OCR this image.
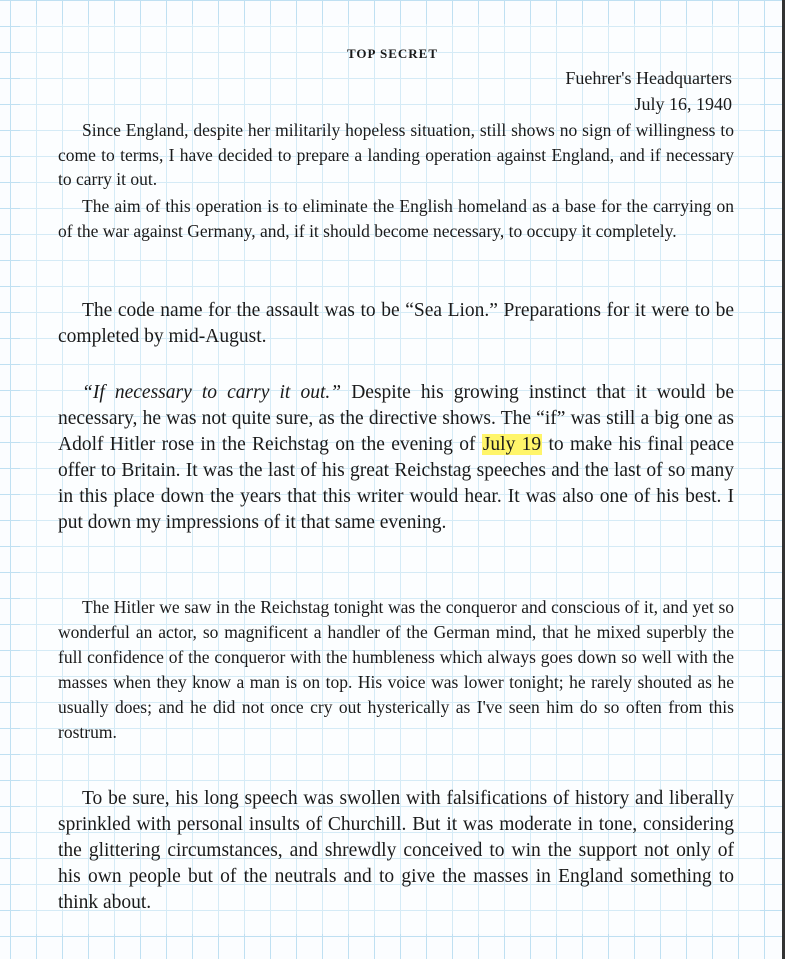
TOP SECRET
Fuehrer's Headquarters
July 16, 1940

Since England, despite her militarily hopeless situation, still shows no sign of willingness to come to terms, I have decided to prepare a landing operation against England, and if necessary to carry it out.

The aim of this operation is to eliminate the English homeland as a base for the carrying on of the war against Germany, and, if it should become necessary, to occupy it completely.

The code name for the assault was to be “Sea Lion.” Preparations for it were to be completed by mid-August.

“If necessary to carry it out.” Despite his growing instinct that it would be necessary, he was not quite sure, as the directive shows. The “if” was still a big one as Adolf Hitler rose in the Reichstag on the evening of July 19 to make his final peace offer to Britain. It was the last of his great Reichstag speeches and the last of so many in this place down the years that this writer would hear. It was also one of his best. I put down my impressions of it that same evening.

The Hitler we saw in the Reichstag tonight was the conqueror and conscious of it, and yet so wonderful an actor, so magnificent a handler of the German mind, that he mixed superbly the full confidence of the conqueror with the humbleness which always goes down so well with the masses when they know a man is on top. His voice was lower tonight; he rarely shouted as he usually does; and he did not once cry out hysterically as I've seen him do so often from this rostrum.

To be sure, his long speech was swollen with falsifications of history and liberally sprinkled with personal insults of Churchill. But it was moderate in tone, considering the glittering circumstances, and shrewdly conceived to win the support not only of his own people but of the neutrals and to give the masses in England something to think about.
